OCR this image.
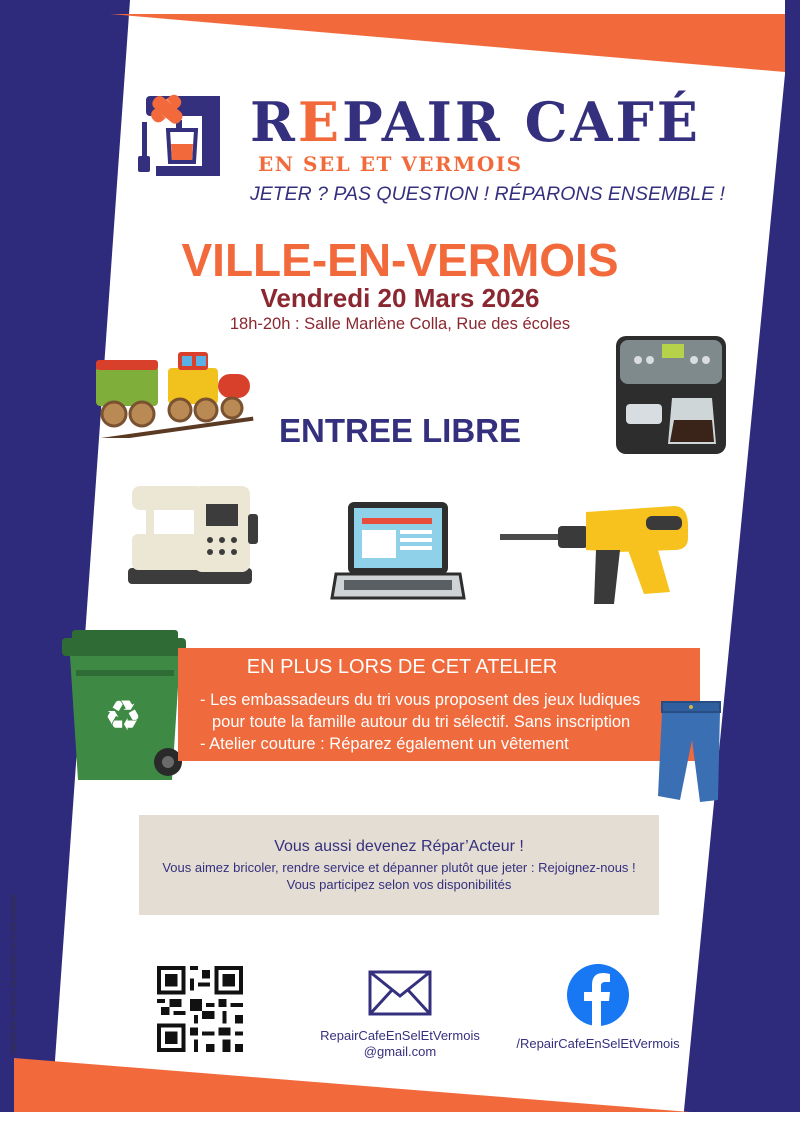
REPAIR CAFÉ
EN SEL ET VERMOIS
JETER ? PAS QUESTION ! RÉPARONS ENSEMBLE !
VILLE-EN-VERMOIS
Vendredi 20 Mars 2026
18h-20h : Salle Marlène Colla, Rue des écoles
ENTREE LIBRE
♻
EN PLUS LORS DE CET ATELIER
- Les embassadeurs du tri vous proposent des jeux ludiques
pour toute la famille autour du tri sélectif. Sans inscription
- Atelier couture : Réparez également un vêtement
Vous aussi devenez Répar’Acteur !
Vous aimez bricoler, rendre service et dépanner plutôt que jeter : Rejoignez-nous !
Vous participez selon vos disponibilités
RepairCafeEnSelEtVermois
@gmail.com
/RepairCafeEnSelEtVermois
Imprimé par nos soins. Ne pas jeter sur la voie publique
